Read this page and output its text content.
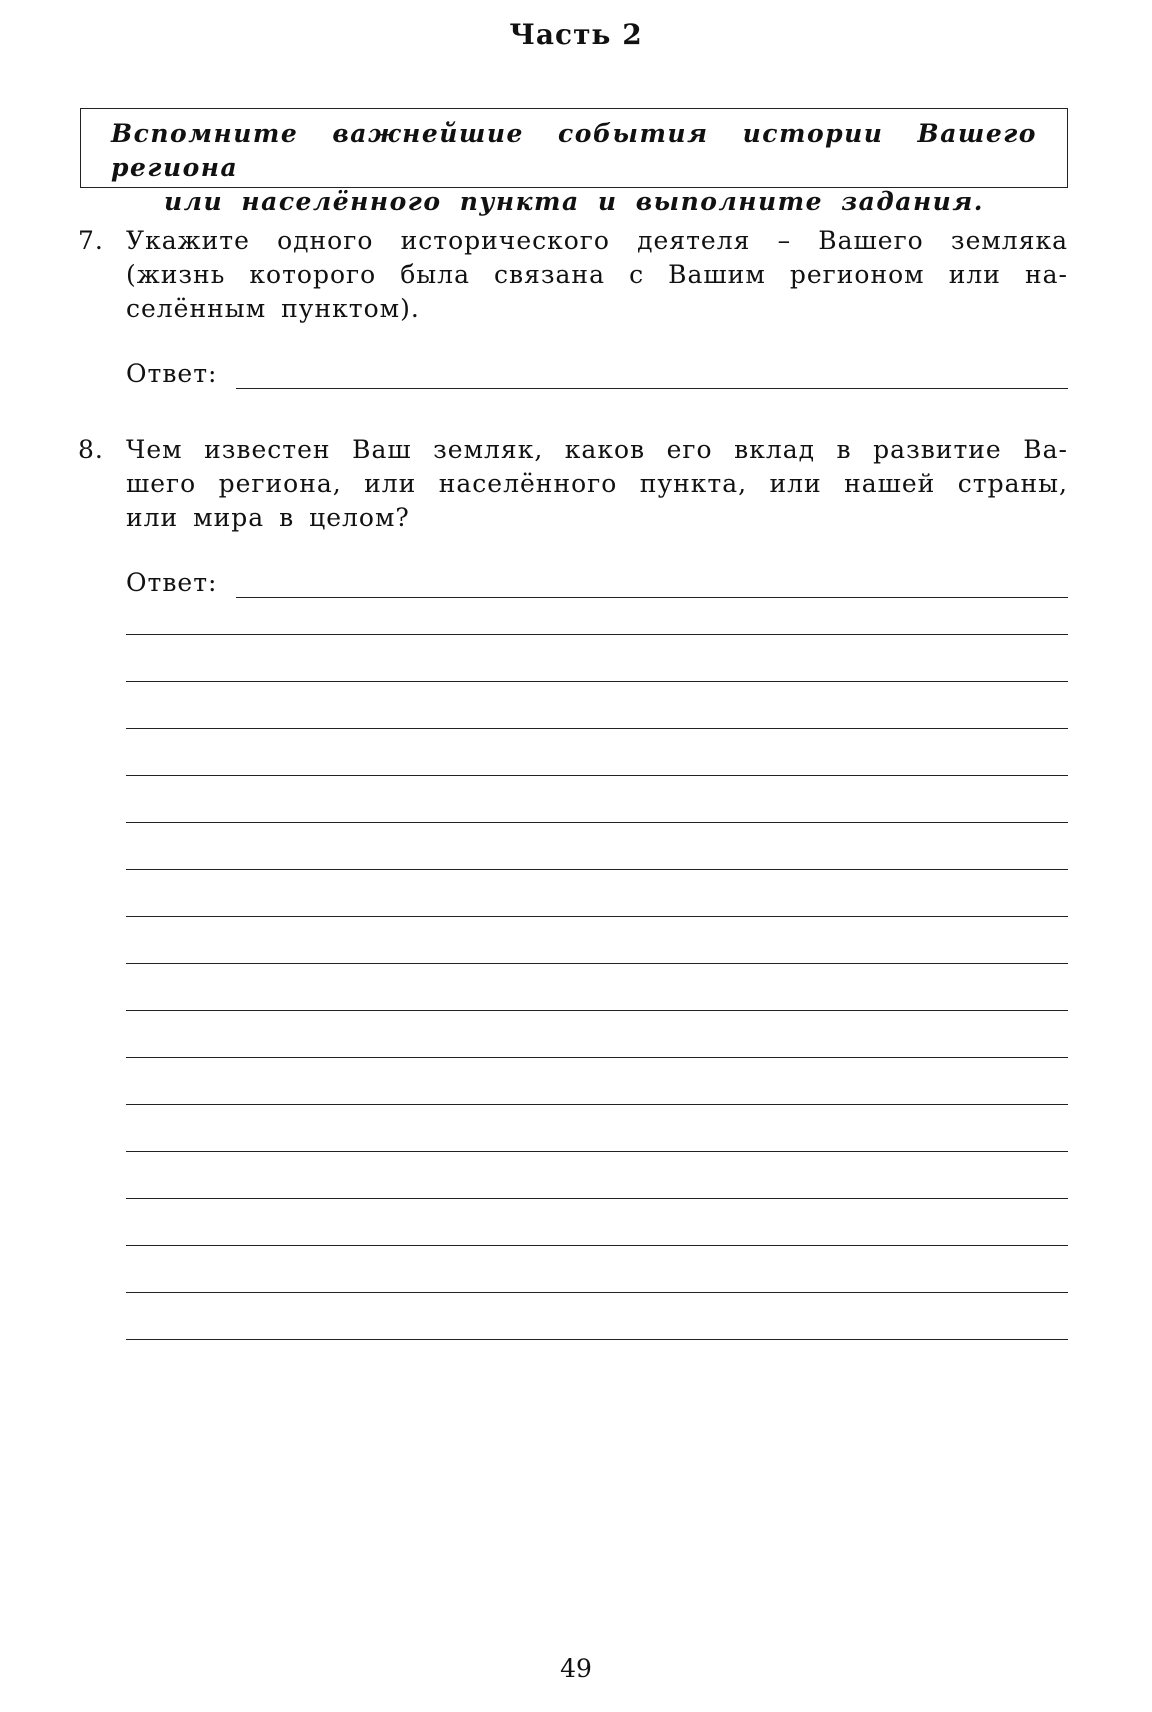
Часть 2
Вспомните важнейшие события истории Вашего региона
или населённого пункта и выполните задания.
7. Укажите одного исторического деятеля – Вашего земляка
(жизнь которого была связана с Вашим регионом или на-
селённым пунктом).
Ответ:
8. Чем известен Ваш земляк, каков его вклад в развитие Ва-
шего региона, или населённого пункта, или нашей страны,
или мира в целом?
Ответ:
49
